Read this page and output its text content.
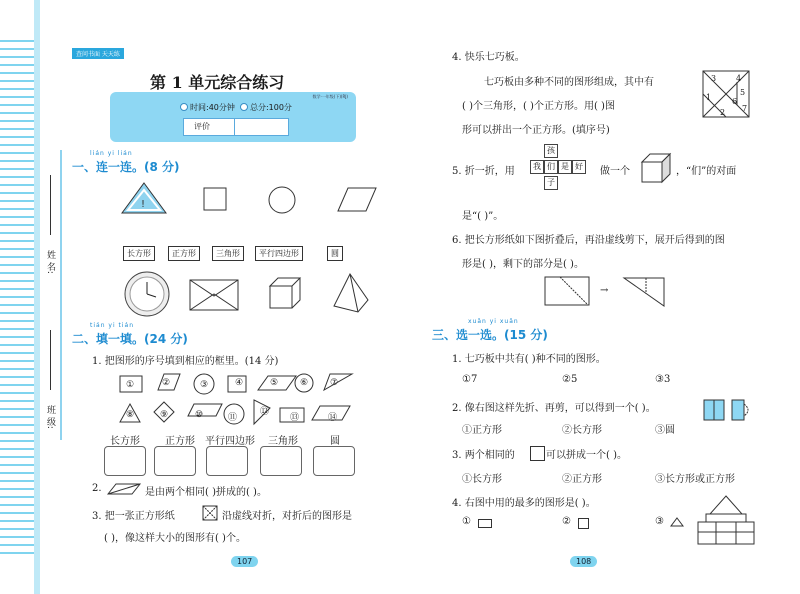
姓 名:
班 级:
查问书面 天天练
第 1 单元综合练习
数学·一年级(下)(RJ)
时间:40分钟 总分:100分
评价
lián yi lián
一、连一连。(8 分)
!
长方形	正方形	三角形	平行四边形	圆
tián yi tián
二、填一填。(24 分)
1. 把图形的序号填到相应的框里。(14 分)
①	②	③	④	⑤ ⑥ ⑦
⑧	⑨	⑩	⑪
⑫
⑬	⑭
长方形	正方形 平行四边形 三角形	圆
2.	是由两个相同( )拼成的( )。
3. 把一张正方形纸	沿虚线对折，对折后的图形是
( )，像这样大小的图形有( )个。
107
4. 快乐七巧板。
七巧板由多种不同的图形组成，其中有
( )个三角形，( )个正方形。用( )图
形可以拼出一个正方形。(填序号)
3 4
1
5
6
7
2
5. 折一折，用
孩
我 们 是 好
子
做一个	，“们”的对面
是“( )”。
6. 把长方形纸如下图折叠后，再沿虚线剪下，展开后得到的图
形是( )，剩下的部分是( )。
→
xuǎn yi xuǎn
三、选一选。(15 分)
1. 七巧板中共有( )种不同的图形。
①7	②5	③3
2. 像右图这样先折、再剪，可以得到一个( )。
①正方形	②长方形	③圆
3. 两个相同的	可以拼成一个( )。
①长方形	②正方形	③长方形或正方形
4. 右图中用的最多的图形是( )。
①	②	③
108
